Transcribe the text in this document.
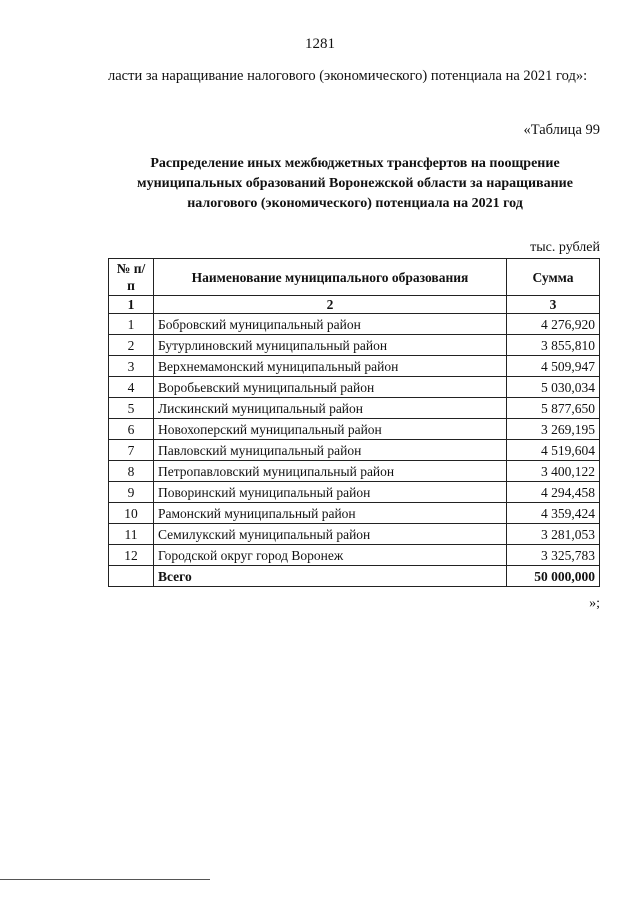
1281
ласти за наращивание налогового (экономического) потенциала на 2021 год»:
«Таблица 99
Распределение иных межбюджетных трансфертов на поощрение муниципальных образований Воронежской области за наращивание налогового (экономического) потенциала на 2021 год
тыс. рублей
№ п/п	Наименование муниципального образования	Сумма
1	2	3
1	Бобровский муниципальный район	4 276,920
2	Бутурлиновский муниципальный район	3 855,810
3	Верхнемамонский муниципальный район	4 509,947
4	Воробьевский муниципальный район	5 030,034
5	Лискинский муниципальный район	5 877,650
6	Новохоперский муниципальный район	3 269,195
7	Павловский муниципальный район	4 519,604
8	Петропавловский муниципальный район	3 400,122
9	Поворинский муниципальный район	4 294,458
10	Рамонский муниципальный район	4 359,424
11	Семилукский муниципальный район	3 281,053
12	Городской округ город Воронеж	3 325,783
	Всего	50 000,000
»;
